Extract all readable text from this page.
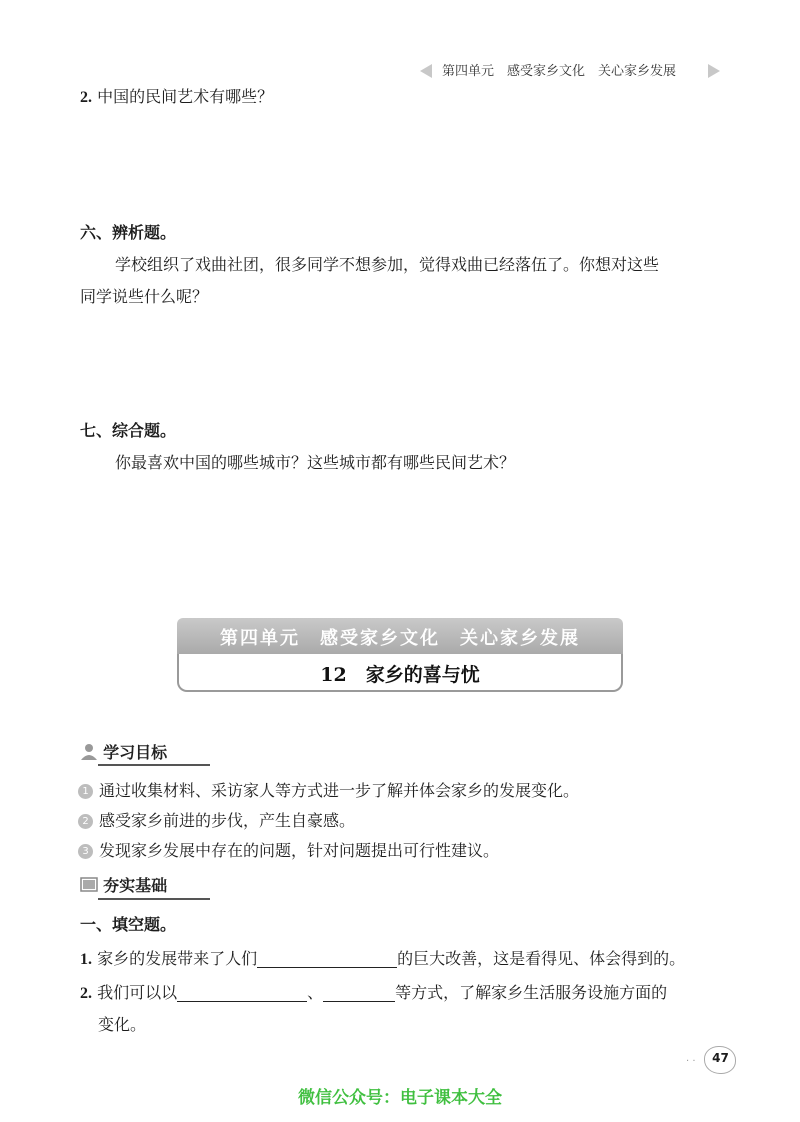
第四单元　 感受家乡文化　关心家乡发展
2. 中国的民间艺术有哪些？
六、辨析题。
学校组织了戏曲社团，很多同学不想参加，觉得戏曲已经落伍了。你想对这些
同学说些什么呢？
七、综合题。
你最喜欢中国的哪些城市？这些城市都有哪些民间艺术？
第四单元　感受家乡文化　关心家乡发展
12　家乡的喜与忧
学习目标
1 通过收集材料、采访家人等方式进一步了解并体会家乡的发展变化。
2 感受家乡前进的步伐，产生自豪感。
3 发现家乡发展中存在的问题，针对问题提出可行性建议。
夯实基础
一、填空题。
1. 家乡的发展带来了人们	的巨大改善，这是看得见、体会得到的。
2. 我们可以以	、	等方式，了解家乡生活服务设施方面的
变化。
· ·	47
微信公众号：电子课本大全
